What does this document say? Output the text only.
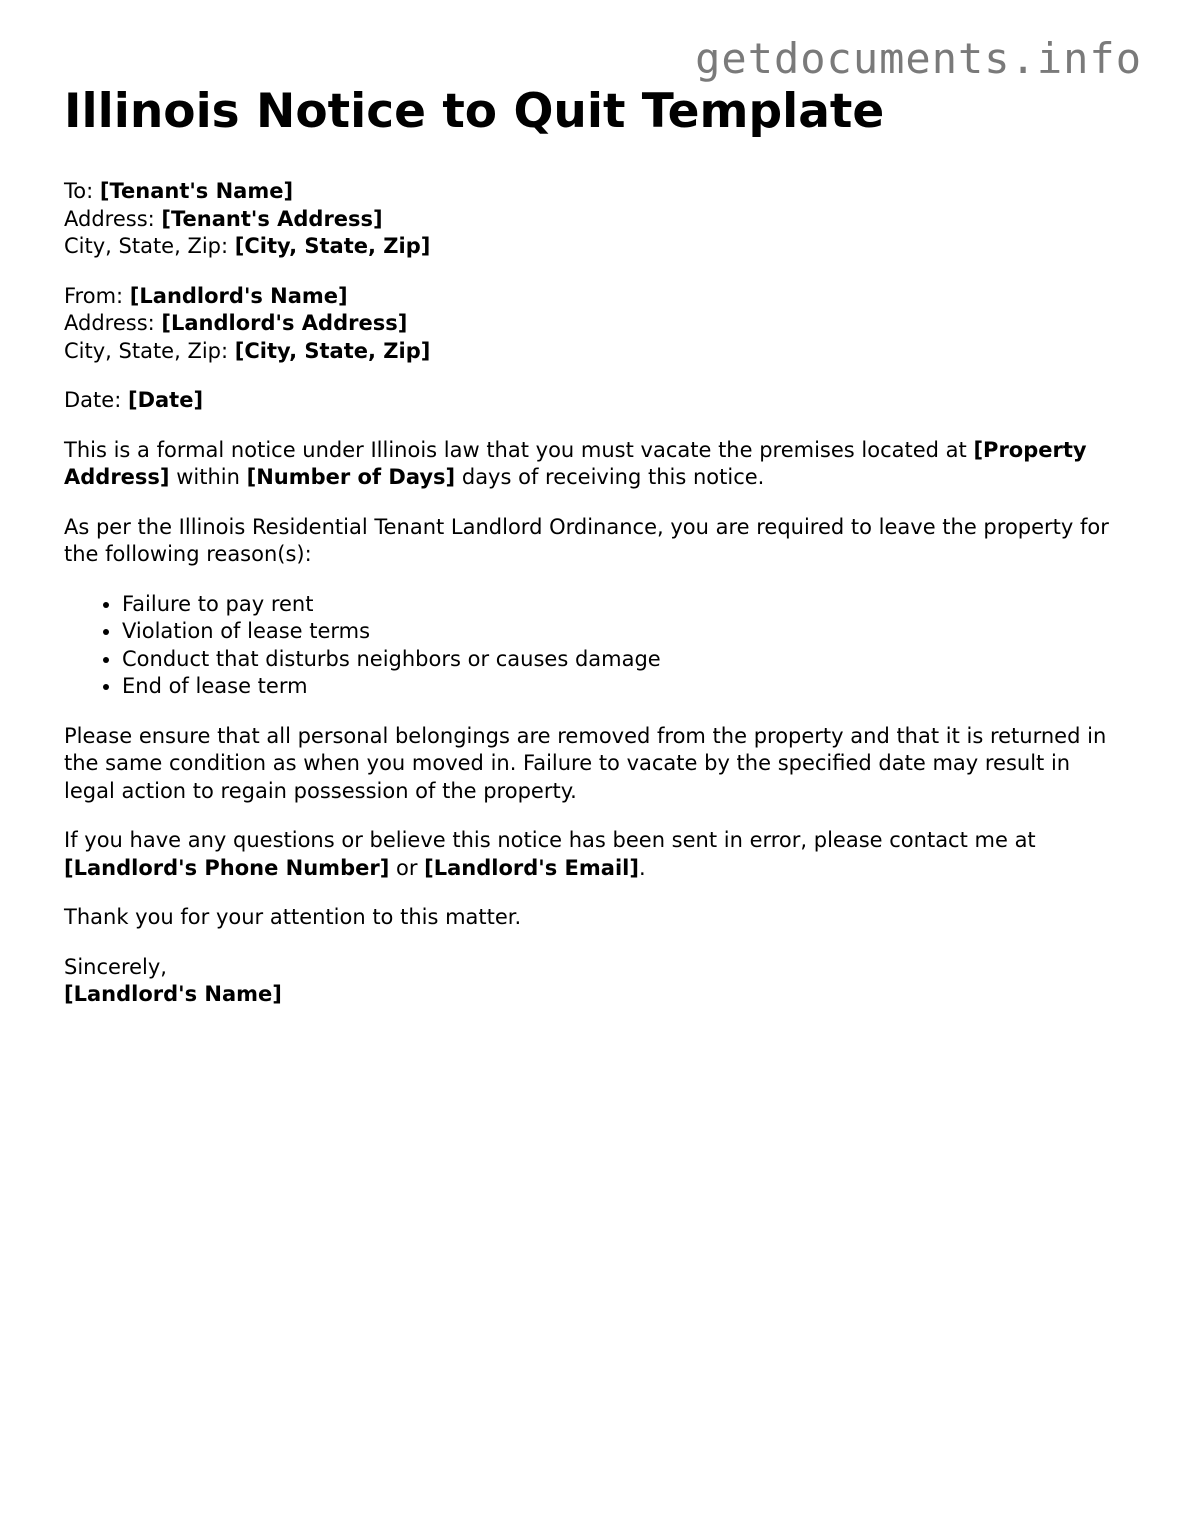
getdocuments.info
Illinois Notice to Quit Template

To: [Tenant's Name]
Address: [Tenant's Address]
City, State, Zip: [City, State, Zip]

From: [Landlord's Name]
Address: [Landlord's Address]
City, State, Zip: [City, State, Zip]

Date: [Date]

This is a formal notice under Illinois law that you must vacate the premises located at [Property Address] within [Number of Days] days of receiving this notice.

As per the Illinois Residential Tenant Landlord Ordinance, you are required to leave the property for the following reason(s):

• Failure to pay rent
• Violation of lease terms
• Conduct that disturbs neighbors or causes damage
• End of lease term

Please ensure that all personal belongings are removed from the property and that it is returned in the same condition as when you moved in. Failure to vacate by the specified date may result in legal action to regain possession of the property.

If you have any questions or believe this notice has been sent in error, please contact me at [Landlord's Phone Number] or [Landlord's Email].

Thank you for your attention to this matter.

Sincerely,
[Landlord's Name]
